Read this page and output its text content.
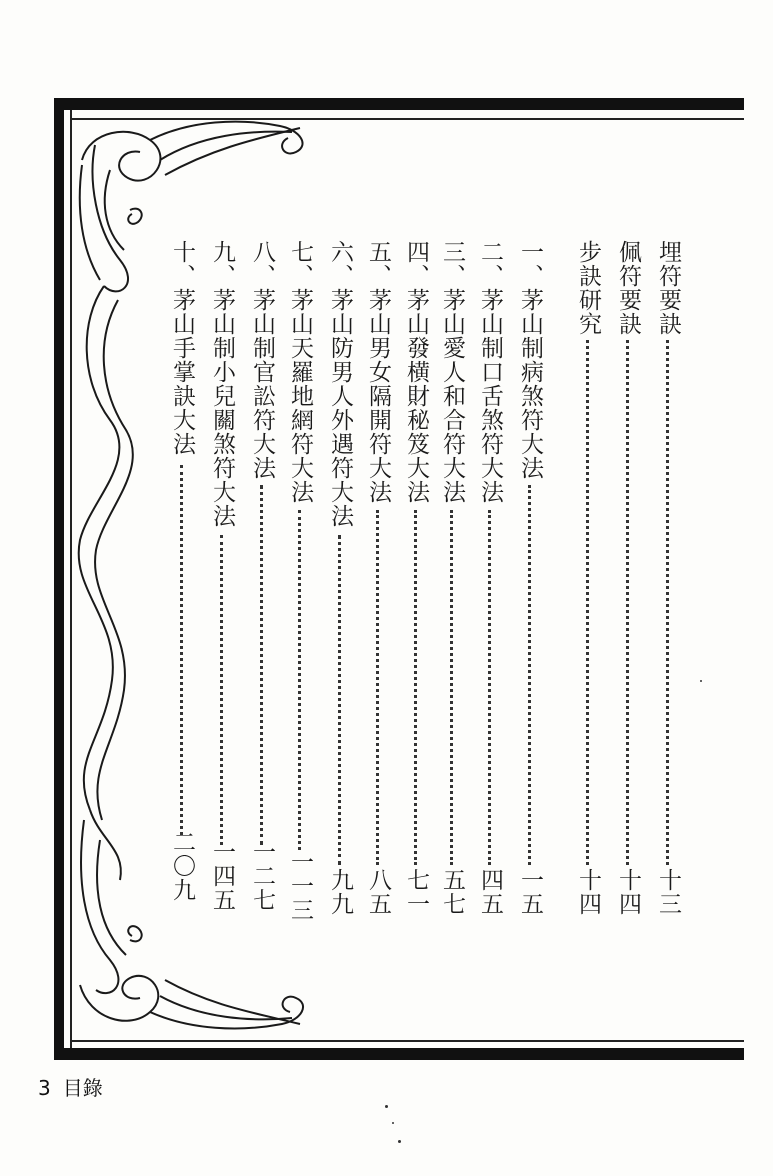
埋符要訣
十三
佩符要訣
十四
步訣研究
十四
一、茅山制病煞符大法
一五
二、茅山制口舌煞符大法
四五
三、茅山愛人和合符大法
五七
四、茅山發横財秘笈大法
七一
五、茅山男女隔開符大法
八五
六、茅山防男人外遇符大法
九九
七、茅山天羅地網符大法
一一三
八、茅山制官訟符大法
一二七
九、茅山制小兒關煞符大法
一四五
十、茅山手掌訣大法
二〇九
3 目錄
